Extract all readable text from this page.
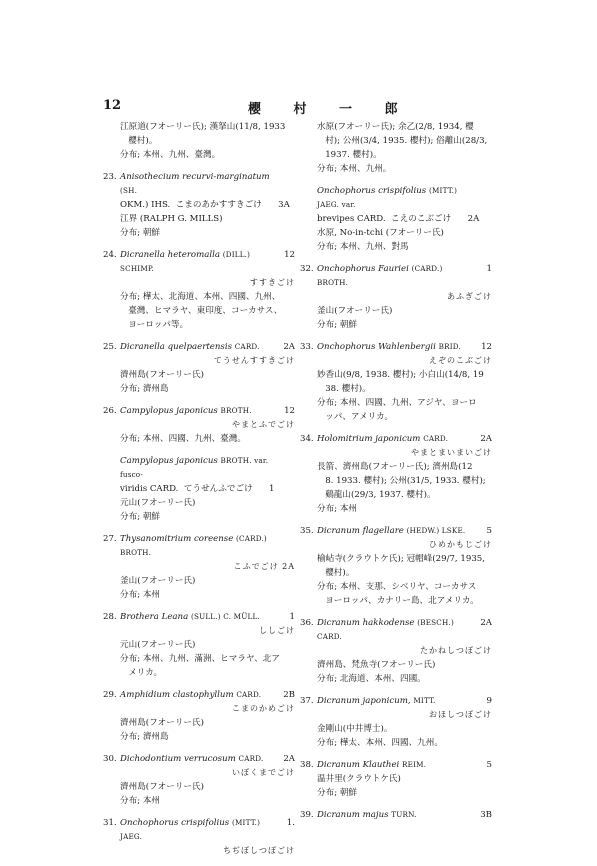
12	櫻 村 一 郎
江原道(フオーリー氏); 漢拏山(11/8, 1933
櫻村)。
分布; 本州、九州、臺灣。
23. Anisothecium recurvi-marginatum (SH.
OKM.) IHS.  こまのあかすすきごけ      3A
江界 (RALPH G. MILLS)
分布; 朝鮮
24. Dicranella heteromalla (DILL.) SCHIMP.
12
すすきごけ
分布; 樺太、北海道、本州、四國、九州、
臺灣、ヒマラヤ、東印度、コーカサス、
ヨーロッパ等。
25. Dicranella quelpaertensis CARD.	2A
てうせんすすきごけ
濟州島(フオーリー氏)
分布; 濟州島
26. Campylopus japonicus BROTH.	12
やまとふでごけ
分布; 本州、四國、九州、臺灣。
Campylopus japonicus BROTH. var. fusco-
viridis CARD.  てうせんふでごけ      1
元山(フオーリー氏)
分布; 朝鮮
27. Thysanomitrium coreense (CARD.) BROTH.
こふでごけ 2A
釜山(フオーリー氏)
分布; 本州
28. Brothera Leana (SULL.) C. MÜLL.	1
ししごけ
元山(フオーリー氏)
分布; 本州、九州、滿洲、ヒマラヤ、北ア
メリカ。
29. Amphidium clastophyllum CARD.	2B
こまのかめごけ
濟州島(フオーリー氏)
分布; 濟州島
30. Dichodontium verrucosum CARD. 2A
いぼくまでごけ
濟州島(フオーリー氏)
分布; 本州
31. Onchophorus crispifolius (MITT.) JAEG.
1.
ちぢぼしつぼごけ
水原(フオーリー氏); 余乙(2/8, 1934, 櫻
村); 公州(3/4, 1935. 櫻村); 俗離山(28/3,
1937. 櫻村)。
分布; 本州、九州。
Onchophorus crispifolius (MITT.) JAEG. var.
brevipes CARD.  こえのこぶごけ      2A
水原, No-in-tchi (フオーリー氏)
分布; 本州、九州、對馬
32. Onchophorus Fauriei (CARD.) BROTH.
1
あふぎごけ
釜山(フオーリー氏)
分布; 朝鮮
33. Onchophorus Wahlenbergii BRID. 12
えぞのこぶごけ
妙香山(9/8, 1938. 櫻村); 小白山(14/8, 19
38. 櫻村)。
分布; 本州、四國、九州、アジヤ、ヨーロ
ッパ、アメリカ。
34. Holomitrium japonicum CARD.	2A
やまとまいまいごけ
長箭、濟州島(フオーリー氏); 濟州島(12
8. 1933. 櫻村); 公州(31/5, 1933. 櫻村);
鷄龍山(29/3, 1937. 櫻村)。
分布; 本州
35. Dicranum flagellare (HEDW.) LSKE. 5
ひめかもじごけ
榆岾寺(クラウトケ氏); 冠帽峰(29/7, 1935,
櫻村)。
分布; 本州、支那、シベリヤ、コーカサス
ヨーロッパ、カナリー島、北アメリカ。
36. Dicranum hakkodense (BESCH.) CARD.
2A
たかねしつぼごけ
濟州島、梵魚寺(フオーリー氏)
分布; 北海道、本州、四國。
37. Dicranum japonicum, MITT.	9
おほしつぼごけ
金剛山(中井博士)。
分布; 樺太、本州、四國、九州。
38. Dicranum Klauthei REIM.	5
温井里(クラウトケ氏)
分布; 朝鮮
39. Dicranum majus TURN.	3B
